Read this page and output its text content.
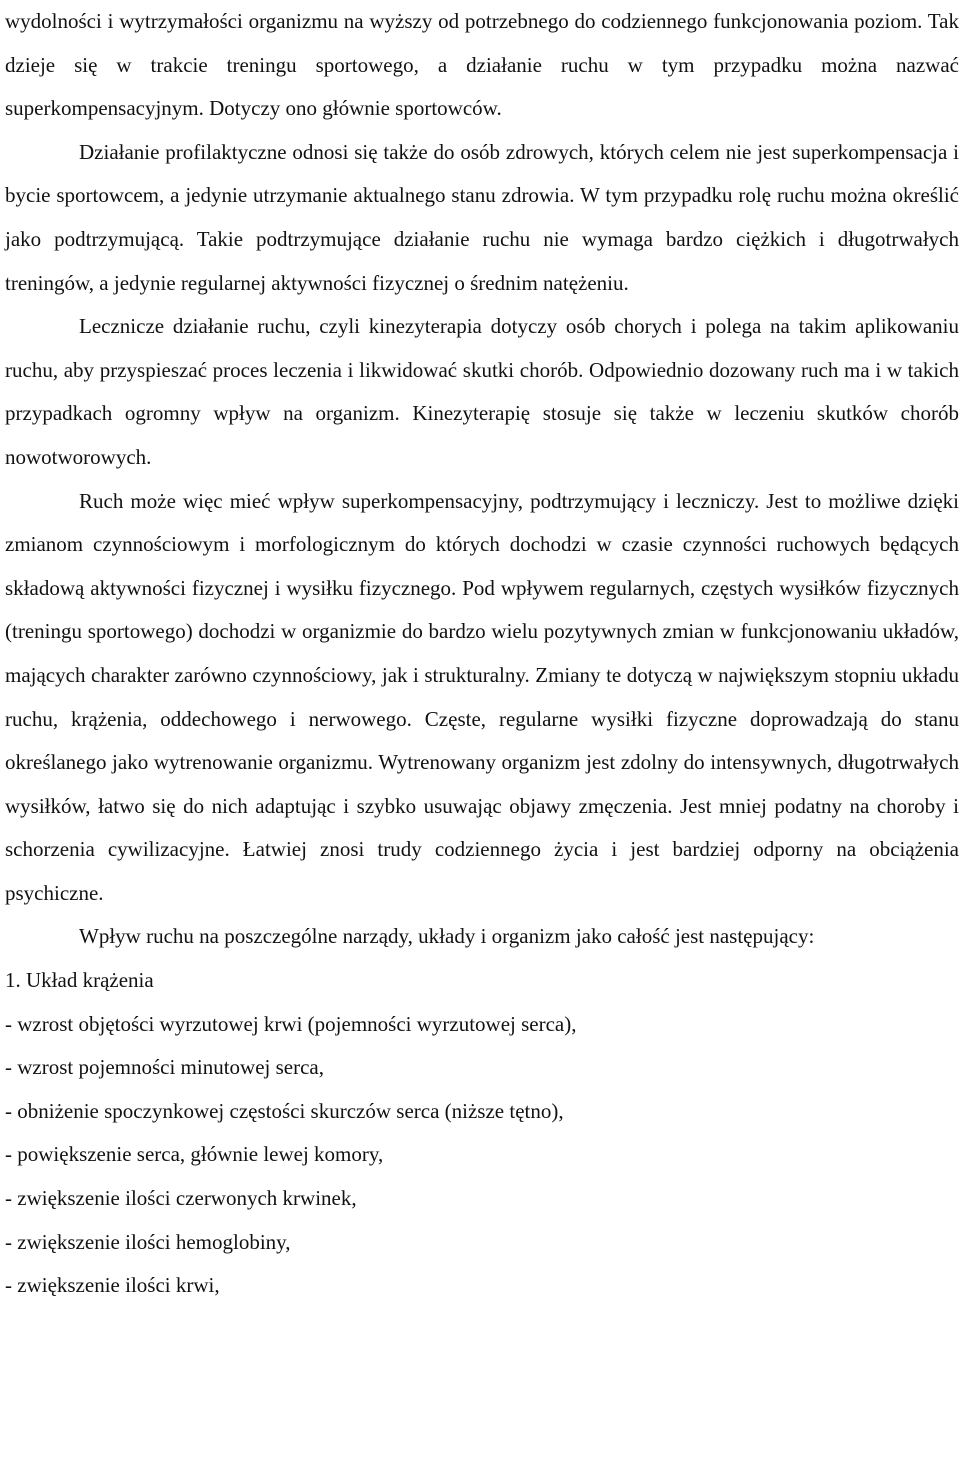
wydolności i wytrzymałości organizmu na wyższy od potrzebnego do codziennego funkcjonowania poziom. Tak dzieje się w trakcie treningu sportowego, a działanie ruchu w tym przypadku można nazwać superkompensacyjnym. Dotyczy ono głównie sportowców.

Działanie profilaktyczne odnosi się także do osób zdrowych, których celem nie jest superkompensacja i bycie sportowcem, a jedynie utrzymanie aktualnego stanu zdrowia. W tym przypadku rolę ruchu można określić jako podtrzymującą. Takie podtrzymujące działanie ruchu nie wymaga bardzo ciężkich i długotrwałych treningów, a jedynie regularnej aktywności fizycznej o średnim natężeniu.

Lecznicze działanie ruchu, czyli kinezyterapia dotyczy osób chorych i polega na takim aplikowaniu ruchu, aby przyspieszać proces leczenia i likwidować skutki chorób. Odpowiednio dozowany ruch ma i w takich przypadkach ogromny wpływ na organizm. Kinezyterapię stosuje się także w leczeniu skutków chorób nowotworowych.

Ruch może więc mieć wpływ superkompensacyjny, podtrzymujący i leczniczy. Jest to możliwe dzięki zmianom czynnościowym i morfologicznym do których dochodzi w czasie czynności ruchowych będących składową aktywności fizycznej i wysiłku fizycznego. Pod wpływem regularnych, częstych wysiłków fizycznych (treningu sportowego) dochodzi w organizmie do bardzo wielu pozytywnych zmian w funkcjonowaniu układów, mających charakter zarówno czynnościowy, jak i strukturalny. Zmiany te dotyczą w największym stopniu układu ruchu, krążenia, oddechowego i nerwowego. Częste, regularne wysiłki fizyczne doprowadzają do stanu określanego jako wytrenowanie organizmu. Wytrenowany organizm jest zdolny do intensywnych, długotrwałych wysiłków, łatwo się do nich adaptując i szybko usuwając objawy zmęczenia. Jest mniej podatny na choroby i schorzenia cywilizacyjne. Łatwiej znosi trudy codziennego życia i jest bardziej odporny na obciążenia psychiczne.

Wpływ ruchu na poszczególne narządy, układy i organizm jako całość jest następujący:

1. Układ krążenia

- wzrost objętości wyrzutowej krwi (pojemności wyrzutowej serca),
- wzrost pojemności minutowej serca,
- obniżenie spoczynkowej częstości skurczów serca (niższe tętno),
- powiększenie serca, głównie lewej komory,
- zwiększenie ilości czerwonych krwinek,
- zwiększenie ilości hemoglobiny,
- zwiększenie ilości krwi,
